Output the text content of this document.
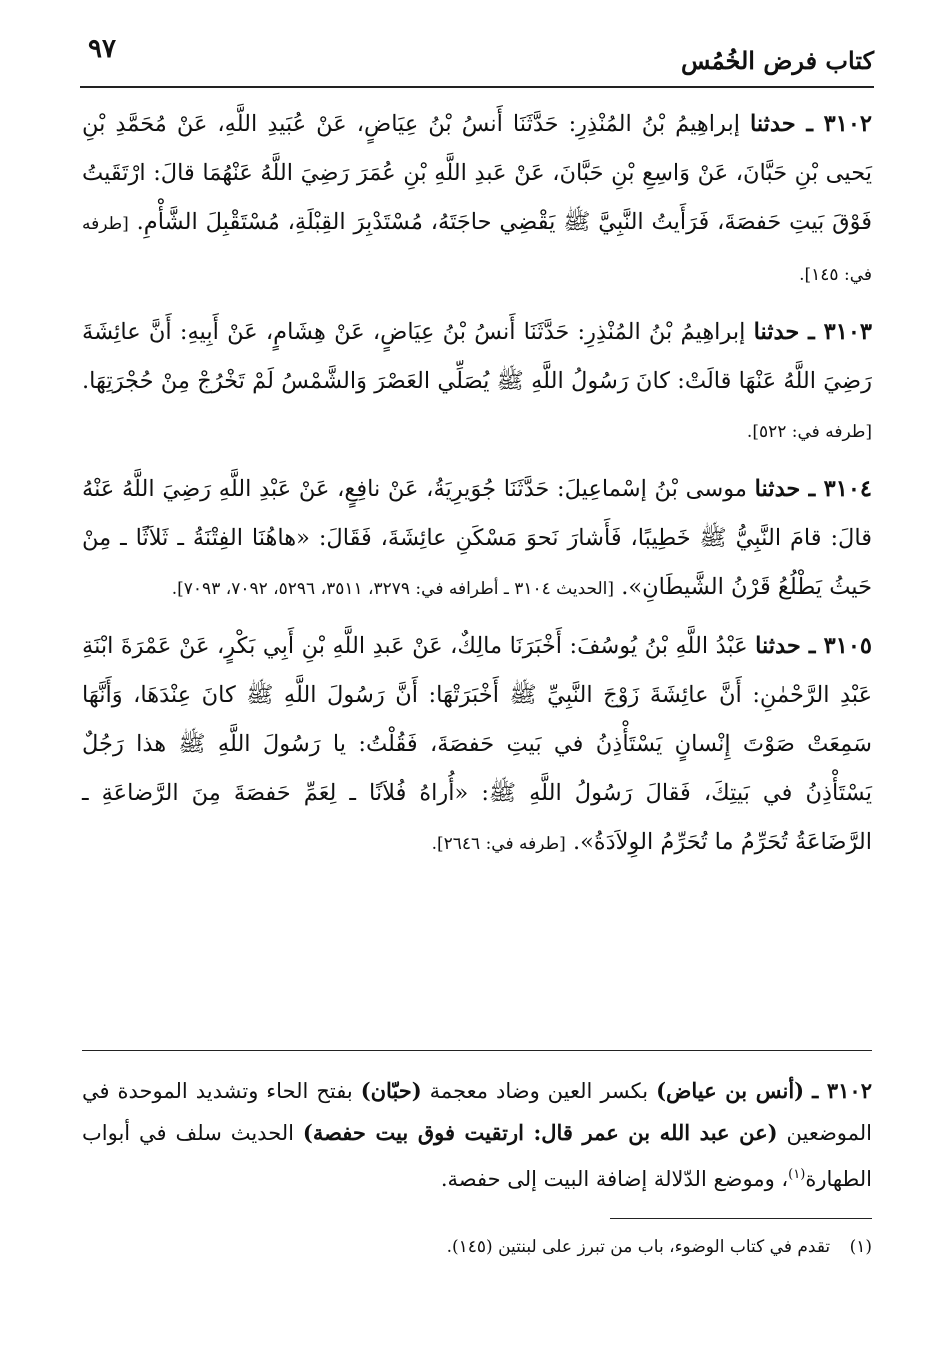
٩٧	كتاب فرض الخُمُس

٣١٠٢ ـ حدثنا إبراهِيمُ بْنُ المُنْذِرِ: حَدَّثَنَا أَنسُ بْنُ عِيَاضٍ، عَنْ عُبَيدِ اللَّهِ، عَنْ مُحَمَّدِ بْنِ يَحيى بْنِ حَبَّانَ، عَنْ وَاسِعِ بْنِ حَبَّانَ، عَنْ عَبدِ اللَّهِ بْنِ عُمَرَ رَضِيَ اللَّهُ عَنْهُمَا قالَ: ارْتَقَيتُ فَوْقَ بَيتِ حَفصَةَ، فَرَأَيتُ النَّبِيَّ ﷺ يَقْضِي حاجَتَهُ، مُسْتَدْبِرَ القِبْلَةِ، مُسْتَقْبِلَ الشَّأْمِ. [طرفه في: ١٤٥].

٣١٠٣ ـ حدثنا إبراهِيمُ بْنُ المُنْذِرِ: حَدَّثَنَا أَنسُ بْنُ عِيَاضٍ، عَنْ هِشَامٍ، عَنْ أَبِيهِ: أَنَّ عائِشَةَ رَضِيَ اللَّهُ عَنْهَا قالَتْ: كانَ رَسُولُ اللَّهِ ﷺ يُصَلِّي العَصْرَ وَالشَّمْسُ لَمْ تَخْرُجْ مِنْ حُجْرَتِهَا. [طرفه في: ٥٢٢].

٣١٠٤ ـ حدثنا موسى بْنُ إسْماعِيلَ: حَدَّثَنَا جُوَيرِيَةُ، عَنْ نافِعٍ، عَنْ عَبْدِ اللَّهِ رَضِيَ اللَّهُ عَنْهُ قالَ: قامَ النَّبِيُّ ﷺ خَطِيبًا، فَأَشارَ نَحوَ مَسْكَنِ عائِشَةَ، فَقَالَ: «هاهُنَا الفِتْنَةُ ـ ثَلاَثًا ـ مِنْ حَيثُ يَطْلُعُ قَرْنُ الشَّيطَانِ». [الحديث ٣١٠٤ ـ أطرافه في: ٣٢٧٩، ٣٥١١، ٥٢٩٦، ٧٠٩٢، ٧٠٩٣].

٣١٠٥ ـ حدثنا عَبْدُ اللَّهِ بْنُ يُوسُفَ: أَخْبَرَنَا مالِكٌ، عَنْ عَبدِ اللَّهِ بْنِ أَبِي بَكْرٍ، عَنْ عَمْرَةَ ابْنَةِ عَبْدِ الرَّحْمٰنِ: أَنَّ عائِشَةَ زَوْجَ النَّبِيِّ ﷺ أَخْبَرَتْهَا: أَنَّ رَسُولَ اللَّهِ ﷺ كانَ عِنْدَهَا، وَأَنَّهَا سَمِعَتْ صَوْتَ إِنْسانٍ يَسْتَأْذِنُ في بَيتِ حَفصَةَ، فَقُلْتُ: يا رَسُولَ اللَّهِ ﷺ هذا رَجُلٌ يَسْتَأْذِنُ في بَيتِكَ، فَقالَ رَسُولُ اللَّهِ ﷺ: «أُراهُ فُلاَنًا ـ لِعَمِّ حَفصَةَ مِنَ الرَّضاعَةِ ـ الرَّضَاعَةُ تُحَرِّمُ ما تُحَرِّمُ الوِلاَدَةُ». [طرفه في: ٢٦٤٦].

٣١٠٢ ـ (أنس بن عياض) بكسر العين وضاد معجمة (حبّان) بفتح الحاء وتشديد الموحدة في الموضعين (عن عبد الله بن عمر قال: ارتقيت فوق بيت حفصة) الحديث سلف في أبواب الطهارة$^{(١)}$، وموضع الدّلالة إضافة البيت إلى حفصة.
(١) تقدم في كتاب الوضوء، باب من تبرز على لبنتين (١٤٥).
